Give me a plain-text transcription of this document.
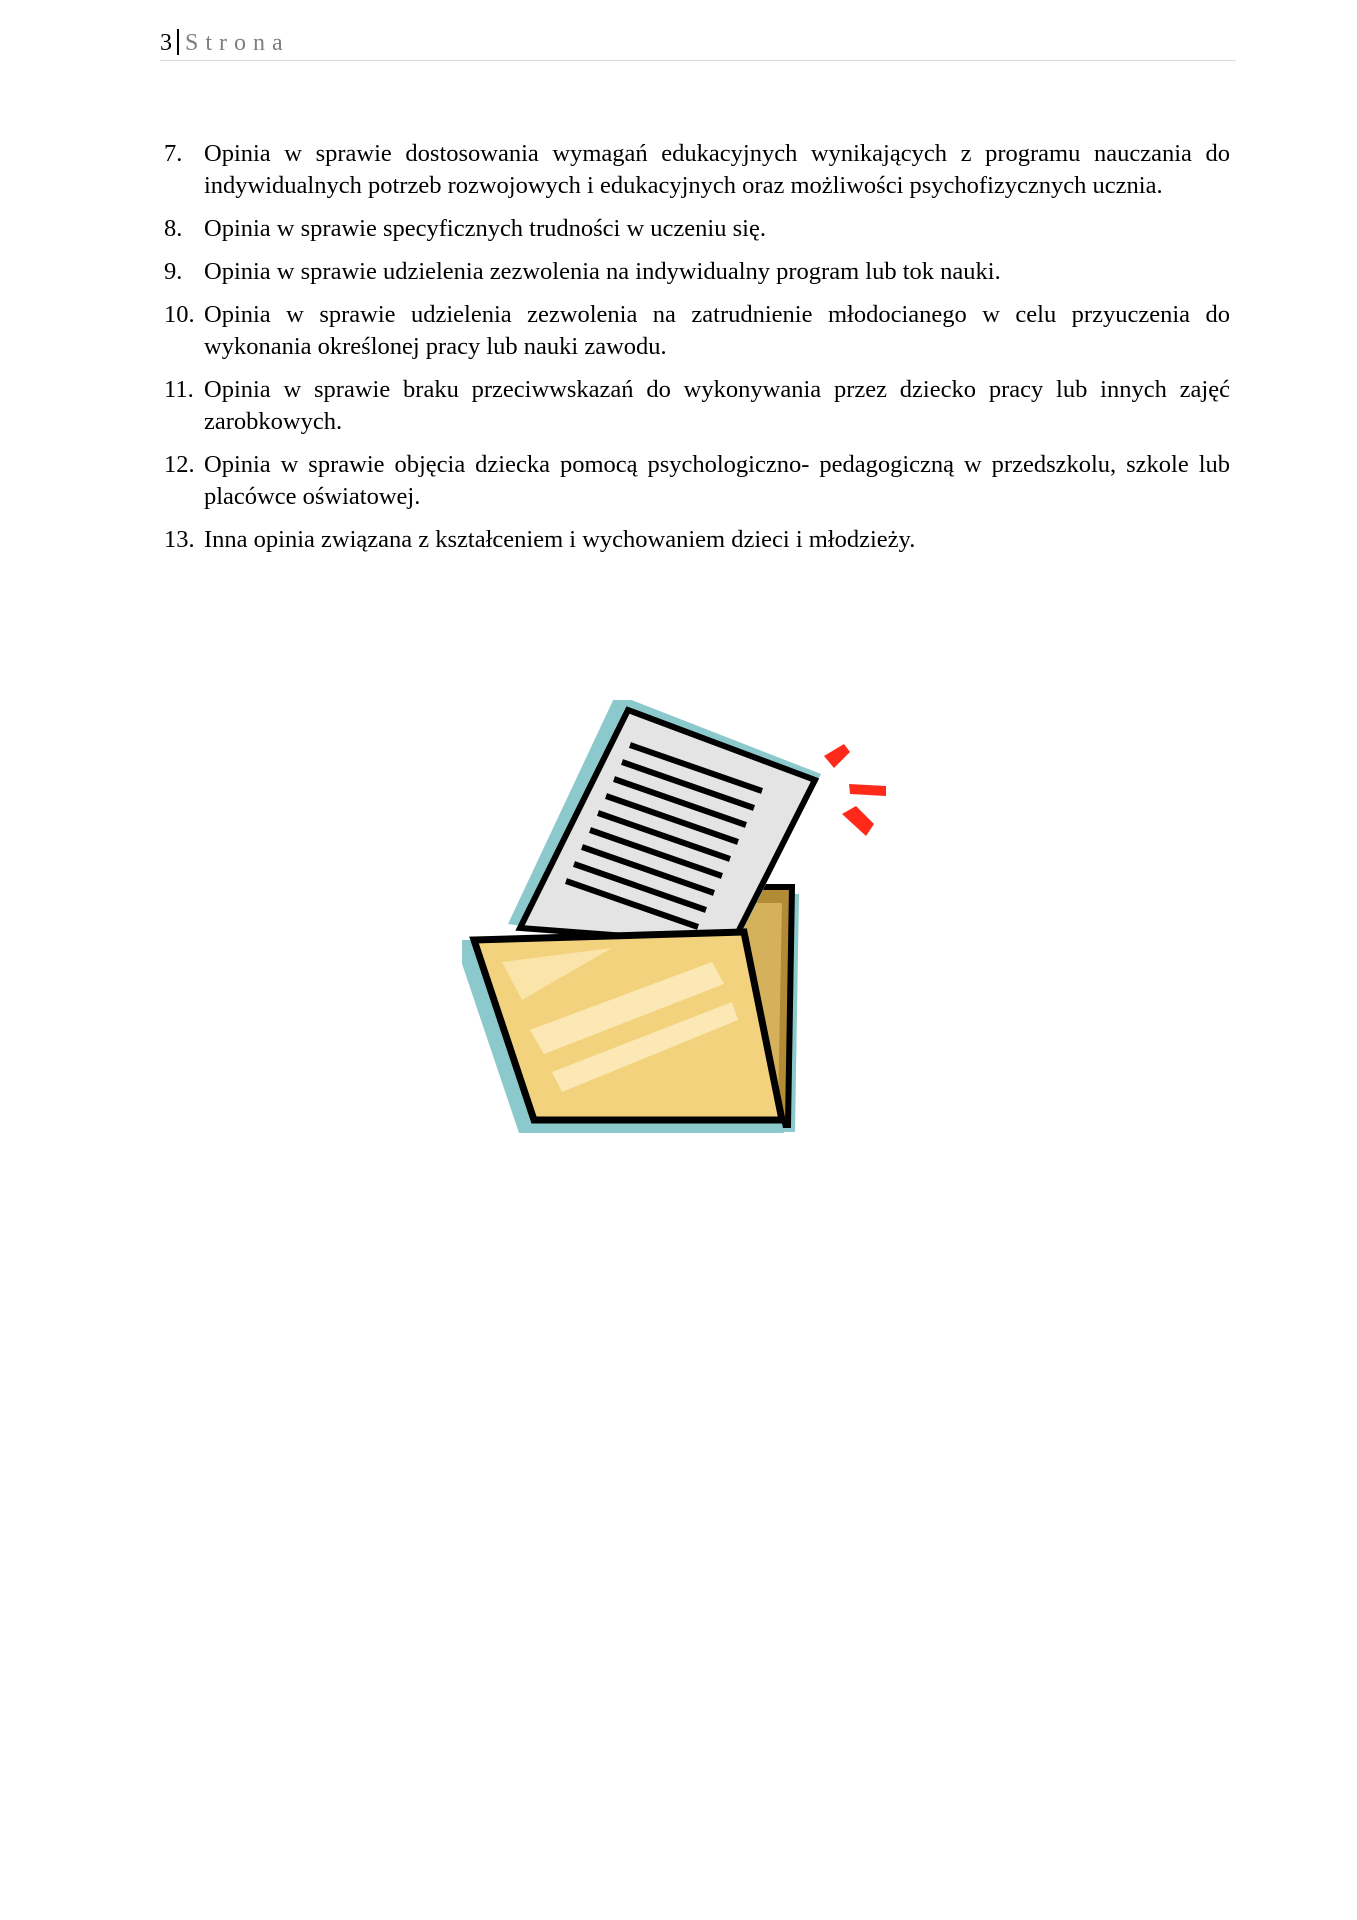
3 Strona
7. Opinia w sprawie dostosowania wymagań edukacyjnych wynikających z programu nauczania do indywidualnych potrzeb rozwojowych i edukacyjnych oraz możliwości psychofizycznych ucznia.
8. Opinia w sprawie specyficznych trudności w uczeniu się.
9. Opinia w sprawie udzielenia zezwolenia na indywidualny program lub tok nauki.
10. Opinia w sprawie udzielenia zezwolenia na zatrudnienie młodocianego w celu przyuczenia do wykonania określonej pracy lub nauki zawodu.
11. Opinia w sprawie braku przeciwwskazań do wykonywania przez dziecko pracy lub innych zajęć zarobkowych.
12. Opinia w sprawie objęcia dziecka pomocą psychologiczno- pedagogiczną w przedszkolu, szkole lub placówce oświatowej.
13. Inna opinia związana z kształceniem i wychowaniem dzieci i młodzieży.
